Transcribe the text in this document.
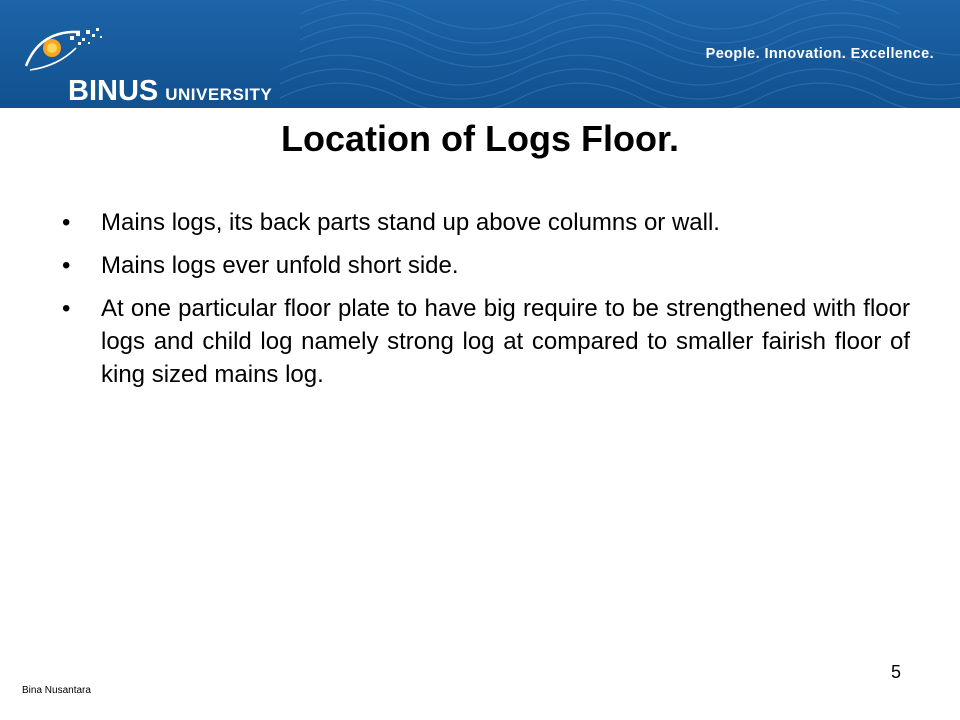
BINUS UNIVERSITY
People. Innovation. Excellence.
Location of Logs Floor.
• Mains logs, its back parts stand up above columns or wall.
• Mains logs ever unfold short side.
• At one particular floor plate to have big require to be strengthened with floor logs and child log namely strong log at compared to smaller fairish floor of king sized mains log.
Bina Nusantara
5
